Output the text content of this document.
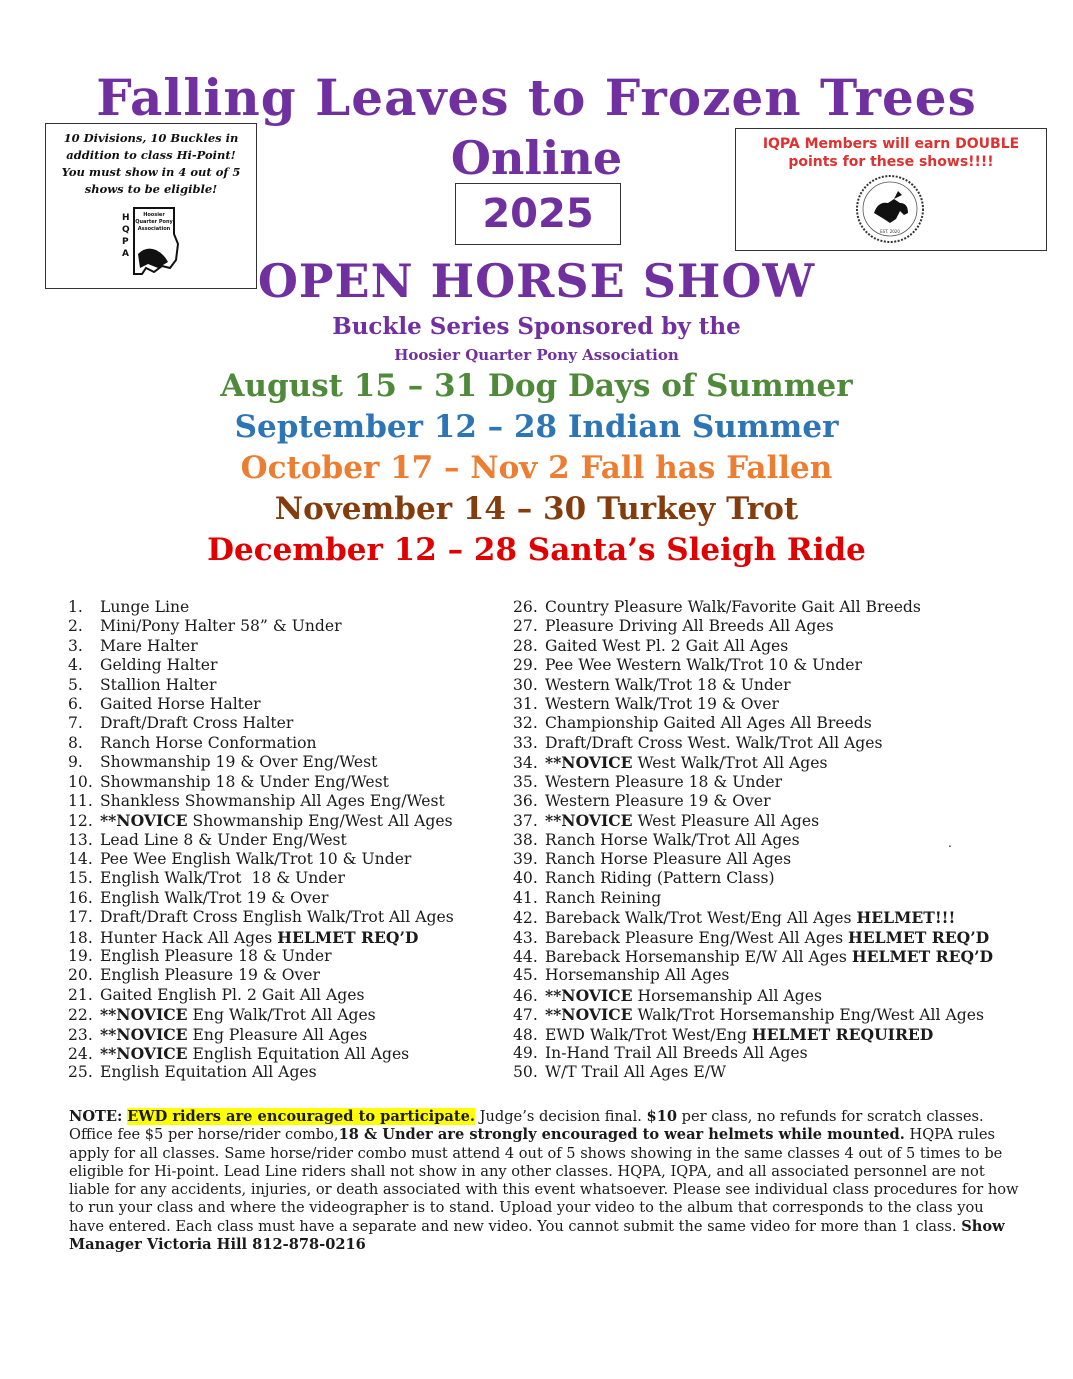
Falling Leaves to Frozen Trees
Online
2025
10 Divisions, 10 Buckles in
addition to class Hi-Point!
You must show in 4 out of 5
shows to be eligible!
H
Q
P
A
Hoosier
Quarter Pony
Association
IQPA Members will earn DOUBLE
points for these shows!!!!
EST. 2020
OPEN HORSE SHOW
Buckle Series Sponsored by the
Hoosier Quarter Pony Association
August 15 – 31 Dog Days of Summer
September 12 – 28 Indian Summer
October 17 – Nov 2 Fall has Fallen
November 14 – 30 Turkey Trot
December 12 – 28 Santa’s Sleigh Ride
1. Lunge Line
2. Mini/Pony Halter 58” & Under
3. Mare Halter
4. Gelding Halter
5. Stallion Halter
6. Gaited Horse Halter
7. Draft/Draft Cross Halter
8. Ranch Horse Conformation
9. Showmanship 19 & Over Eng/West
10. Showmanship 18 & Under Eng/West
11. Shankless Showmanship All Ages Eng/West
12. **NOVICE Showmanship Eng/West All Ages
13. Lead Line 8 & Under Eng/West
14. Pee Wee English Walk/Trot 10 & Under
15. English Walk/Trot  18 & Under
16. English Walk/Trot 19 & Over
17. Draft/Draft Cross English Walk/Trot All Ages
18. Hunter Hack All Ages HELMET REQ’D
19. English Pleasure 18 & Under
20. English Pleasure 19 & Over
21. Gaited English Pl. 2 Gait All Ages
22. **NOVICE Eng Walk/Trot All Ages
23. **NOVICE Eng Pleasure All Ages
24. **NOVICE English Equitation All Ages
25. English Equitation All Ages
26. Country Pleasure Walk/Favorite Gait All Breeds
27. Pleasure Driving All Breeds All Ages
28. Gaited West Pl. 2 Gait All Ages
29. Pee Wee Western Walk/Trot 10 & Under
30. Western Walk/Trot 18 & Under
31. Western Walk/Trot 19 & Over
32. Championship Gaited All Ages All Breeds
33. Draft/Draft Cross West. Walk/Trot All Ages
34. **NOVICE West Walk/Trot All Ages
35. Western Pleasure 18 & Under
36. Western Pleasure 19 & Over
37. **NOVICE West Pleasure All Ages
38. Ranch Horse Walk/Trot All Ages
39. Ranch Horse Pleasure All Ages
40. Ranch Riding (Pattern Class)
41. Ranch Reining
42. Bareback Walk/Trot West/Eng All Ages HELMET!!!
43. Bareback Pleasure Eng/West All Ages HELMET REQ’D
44. Bareback Horsemanship E/W All Ages HELMET REQ’D
45. Horsemanship All Ages
46. **NOVICE Horsemanship All Ages
47. **NOVICE Walk/Trot Horsemanship Eng/West All Ages
48. EWD Walk/Trot West/Eng HELMET REQUIRED
49. In-Hand Trail All Breeds All Ages
50. W/T Trail All Ages E/W
.
NOTE: EWD riders are encouraged to participate. Judge’s decision final. $10 per class, no refunds for scratch classes. Office fee $5 per horse/rider combo,18 & Under are strongly encouraged to wear helmets while mounted. HQPA rules apply for all classes. Same horse/rider combo must attend 4 out of 5 shows showing in the same classes 4 out of 5 times to be eligible for Hi-point. Lead Line riders shall not show in any other classes. HQPA, IQPA, and all associated personnel are not liable for any accidents, injuries, or death associated with this event whatsoever. Please see individual class procedures for how to run your class and where the videographer is to stand. Upload your video to the album that corresponds to the class you have entered. Each class must have a separate and new video. You cannot submit the same video for more than 1 class. Show Manager Victoria Hill 812-878-0216
